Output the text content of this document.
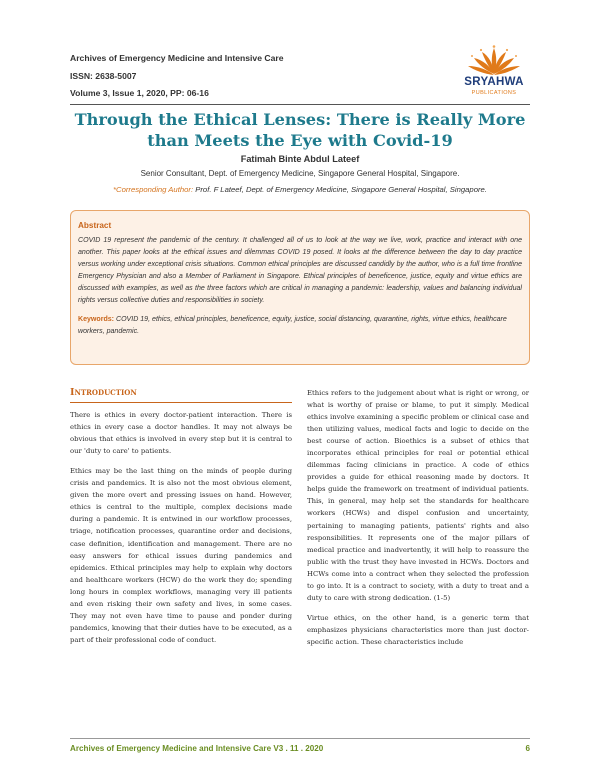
Archives of Emergency Medicine and Intensive Care
ISSN: 2638-5007
Volume 3, Issue 1, 2020, PP: 06-16
SRYAHWA
PUBLICATIONS
Through the Ethical Lenses: There is Really More than Meets the Eye with Covid-19
Fatimah Binte Abdul Lateef
Senior Consultant, Dept. of Emergency Medicine, Singapore General Hospital, Singapore.
*Corresponding Author: Prof. F Lateef, Dept. of Emergency Medicine, Singapore General Hospital, Singapore.
Abstract
COVID 19 represent the pandemic of the century. It challenged all of us to look at the way we live, work, practice and interact with one another. This paper looks at the ethical issues and dilemmas COVID 19 posed. It looks at the difference between the day to day practice versus working under exceptional crisis situations. Common ethical principles are discussed candidly by the author, who is a full time frontline Emergency Physician and also a Member of Parliament in Singapore. Ethical principles of beneficence, justice, equity and virtue ethics are discussed with examples, as well as the three factors which are critical in managing a pandemic: leadership, values and balancing individual rights versus collective duties and responsibilities in society.
Keywords: COVID 19, ethics, ethical principles, beneficence, equity, justice, social distancing, quarantine, rights, virtue ethics, healthcare workers, pandemic.
Introduction

There is ethics in every doctor-patient interaction. There is ethics in every case a doctor handles. It may not always be obvious that ethics is involved in every step but it is central to our 'duty to care' to patients.

Ethics may be the last thing on the minds of people during crisis and pandemics. It is also not the most obvious element, given the more overt and pressing issues on hand. However, ethics is central to the multiple, complex decisions made during a pandemic. It is entwined in our workflow processes, triage, notification processes, quarantine order and decisions, case definition, identification and management. There are no easy answers for ethical issues during pandemics and epidemics. Ethical principles may help to explain why doctors and healthcare workers (HCW) do the work they do; spending long hours in complex workflows, managing very ill patients and even risking their own safety and lives, in some cases. They may not even have time to pause and ponder during pandemics, knowing that their duties have to be executed, as a part of their professional code of conduct.

Ethics refers to the judgement about what is right or wrong, or what is worthy of praise or blame, to put it simply. Medical ethics involve examining a specific problem or clinical case and then utilizing values, medical facts and logic to decide on the best course of action. Bioethics is a subset of ethics that incorporates ethical principles for real or potential ethical dilemmas facing clinicians in practice. A code of ethics provides a guide for ethical reasoning made by doctors. It helps guide the framework on treatment of individual patients. This, in general, may help set the standards for healthcare workers (HCWs) and dispel confusion and uncertainty, pertaining to managing patients, patients' rights and also responsibilities. It represents one of the major pillars of medical practice and inadvertently, it will help to reassure the public with the trust they have invested in HCWs. Doctors and HCWs come into a contract when they selected the profession to go into. It is a contract to society, with a duty to treat and a duty to care with strong dedication. (1-5)

Virtue ethics, on the other hand, is a generic term that emphasizes physicians characteristics more than just doctor-specific action. These characteristics include

Archives of Emergency Medicine and Intensive Care V3 . 11 . 2020	6
